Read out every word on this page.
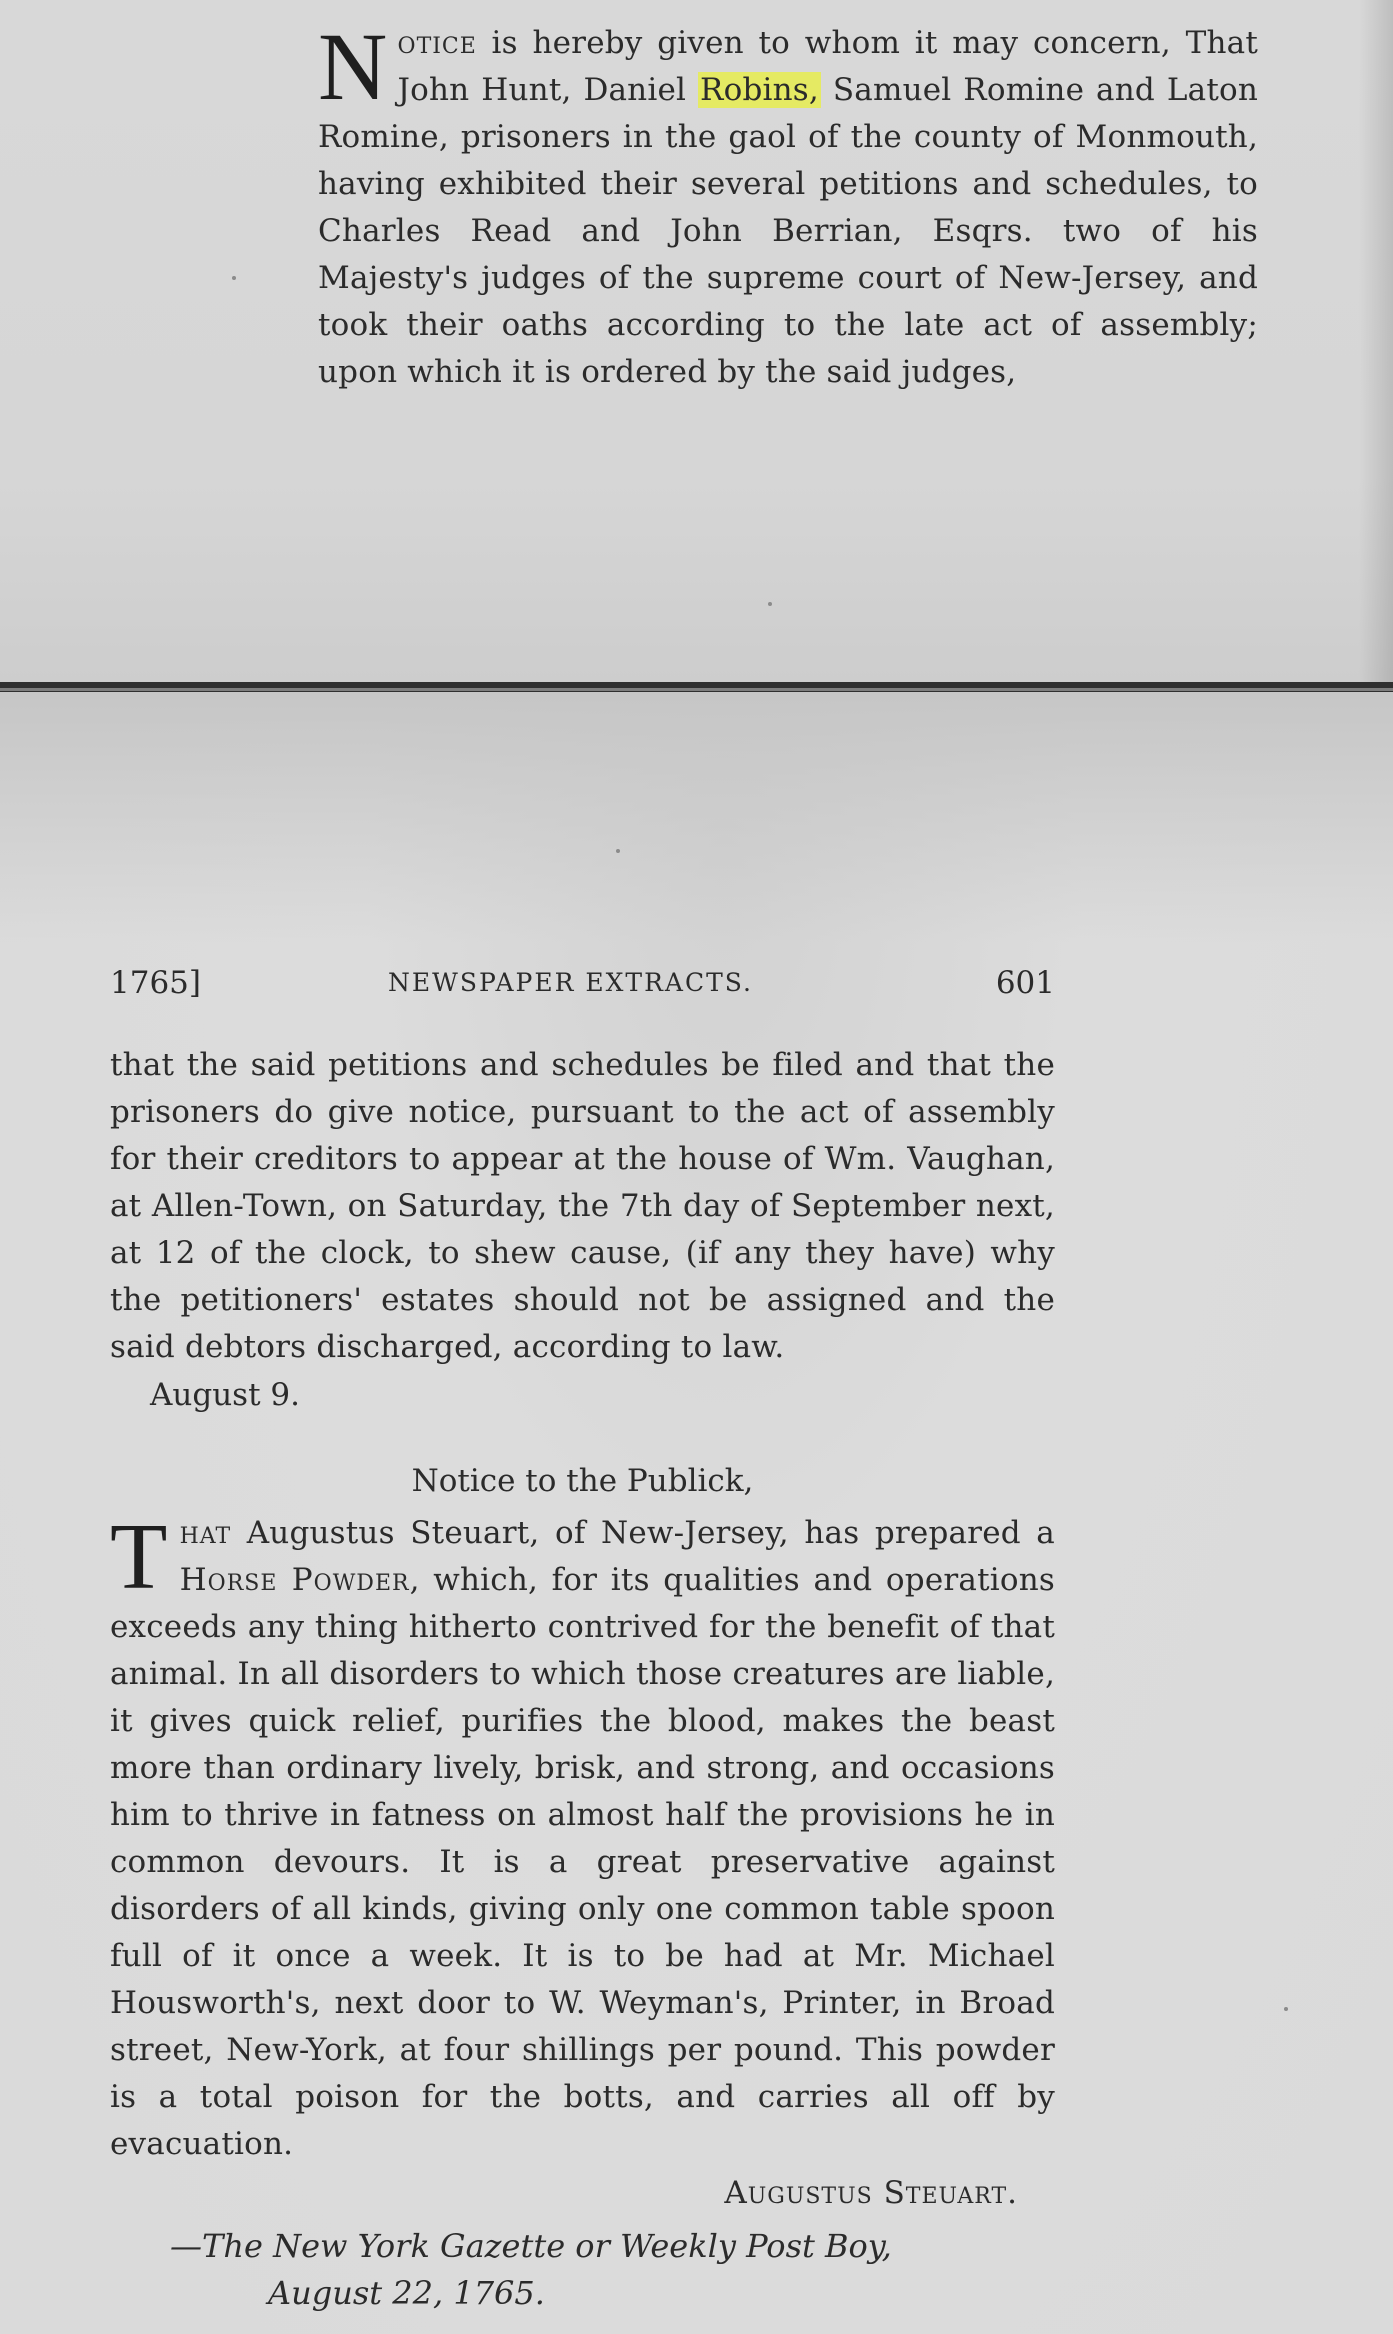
Notice is hereby given to whom it may concern, That John Hunt, Daniel Robins, Samuel Romine and Laton Romine, prisoners in the gaol of the county of Monmouth, having exhibited their several petitions and schedules, to Charles Read and John Berrian, Esqrs. two of his Majesty's judges of the supreme court of New-Jersey, and took their oaths according to the late act of assembly; upon which it is ordered by the said judges,
1765]	NEWSPAPER EXTRACTS.	601
that the said petitions and schedules be filed and that the prisoners do give notice, pursuant to the act of assembly for their creditors to appear at the house of Wm. Vaughan, at Allen-Town, on Saturday, the 7th day of September next, at 12 of the clock, to shew cause, (if any they have) why the petitioners' estates should not be assigned and the said debtors discharged, according to law.
August 9.
Notice to the Publick,
That Augustus Steuart, of New-Jersey, has prepared a Horse Powder, which, for its qualities and operations exceeds any thing hitherto contrived for the benefit of that animal. In all disorders to which those creatures are liable, it gives quick relief, purifies the blood, makes the beast more than ordinary lively, brisk, and strong, and occasions him to thrive in fatness on almost half the provisions he in common devours. It is a great preservative against disorders of all kinds, giving only one common table spoon full of it once a week. It is to be had at Mr. Michael Housworth's, next door to W. Weyman's, Printer, in Broad street, New-York, at four shillings per pound. This powder is a total poison for the botts, and carries all off by evacuation.
Augustus Steuart.
—The New York Gazette or Weekly Post Boy,
August 22, 1765.
